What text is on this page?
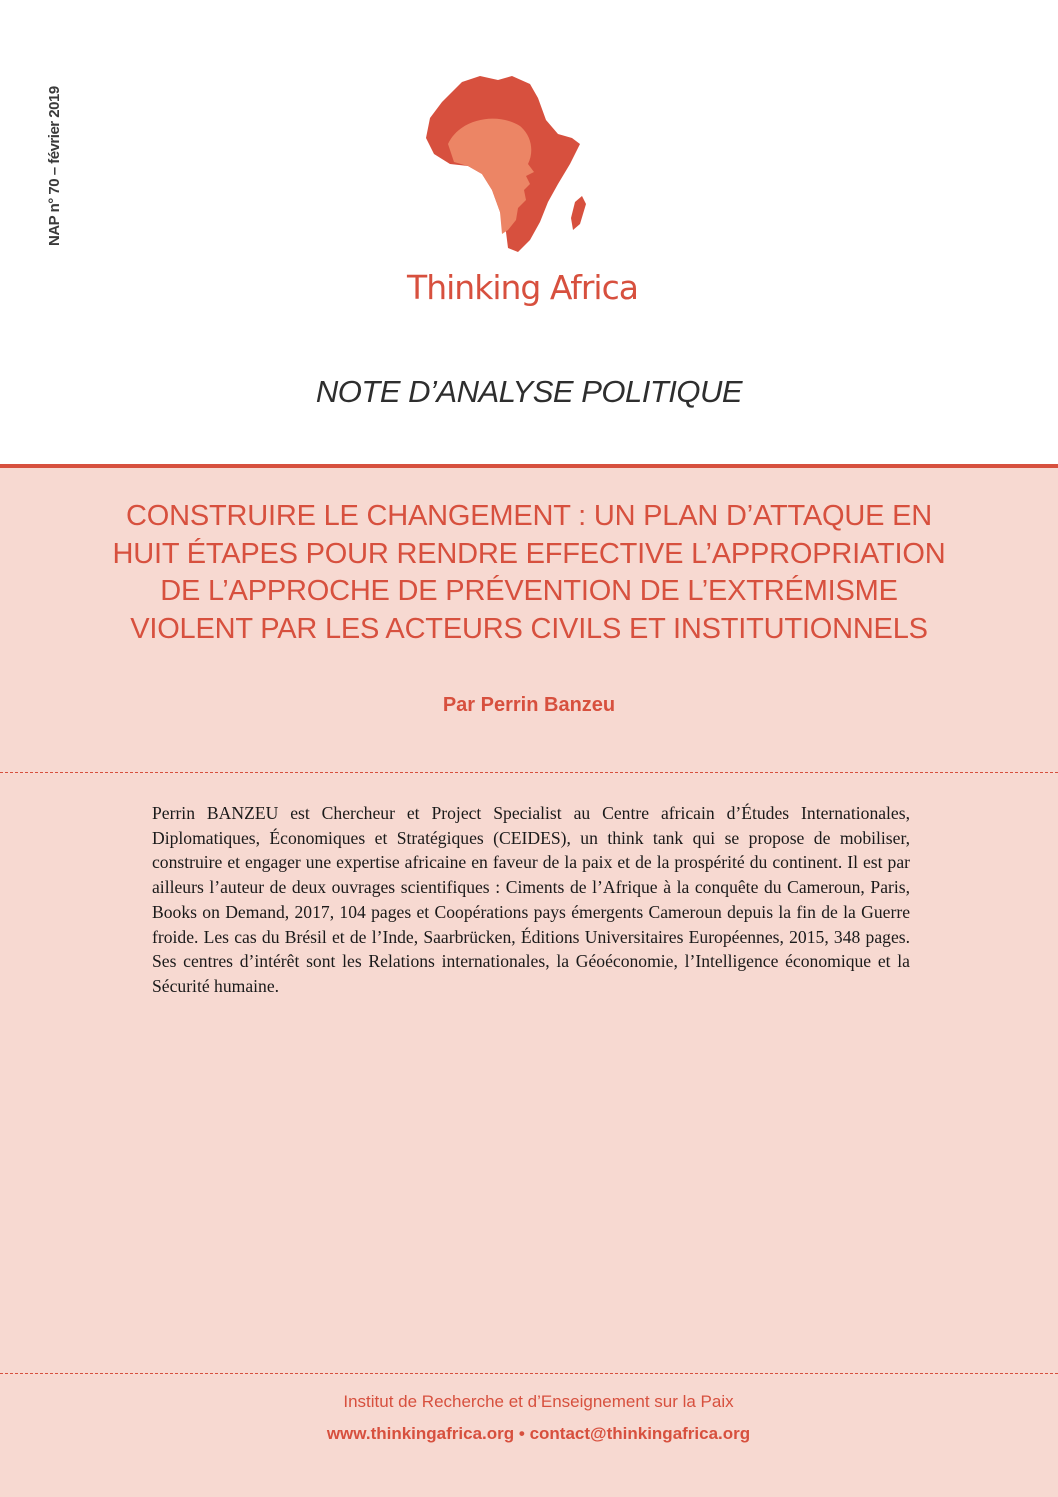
NAP n° 70 – février 2019
Thinking Africa
NOTE D’ANALYSE POLITIQUE
CONSTRUIRE LE CHANGEMENT : UN PLAN D’ATTAQUE EN
HUIT ÉTAPES POUR RENDRE EFFECTIVE L’APPROPRIATION
DE L’APPROCHE DE PRÉVENTION DE L’EXTRÉMISME
VIOLENT PAR LES ACTEURS CIVILS ET INSTITUTIONNELS
Par Perrin Banzeu

Perrin BANZEU est Chercheur et Project Specialist au Centre africain d’Études Internationales, Diplomatiques, Économiques et Stratégiques (CEIDES), un think tank qui se propose de mobiliser, construire et engager une expertise africaine en faveur de la paix et de la prospérité du continent. Il est par ailleurs l’auteur de deux ouvrages scientifiques : Ciments de l’Afrique à la conquête du Cameroun, Paris, Books on Demand, 2017, 104 pages et Coopérations pays émergents Cameroun depuis la fin de la Guerre froide. Les cas du Brésil et de l’Inde, Saarbrücken, Éditions Universitaires Européennes, 2015, 348 pages. Ses centres d’intérêt sont les Relations internationales, la Géoéconomie, l’Intelligence économique et la Sécurité humaine.

Institut de Recherche et d’Enseignement sur la Paix
www.thinkingafrica.org • contact@thinkingafrica.org
